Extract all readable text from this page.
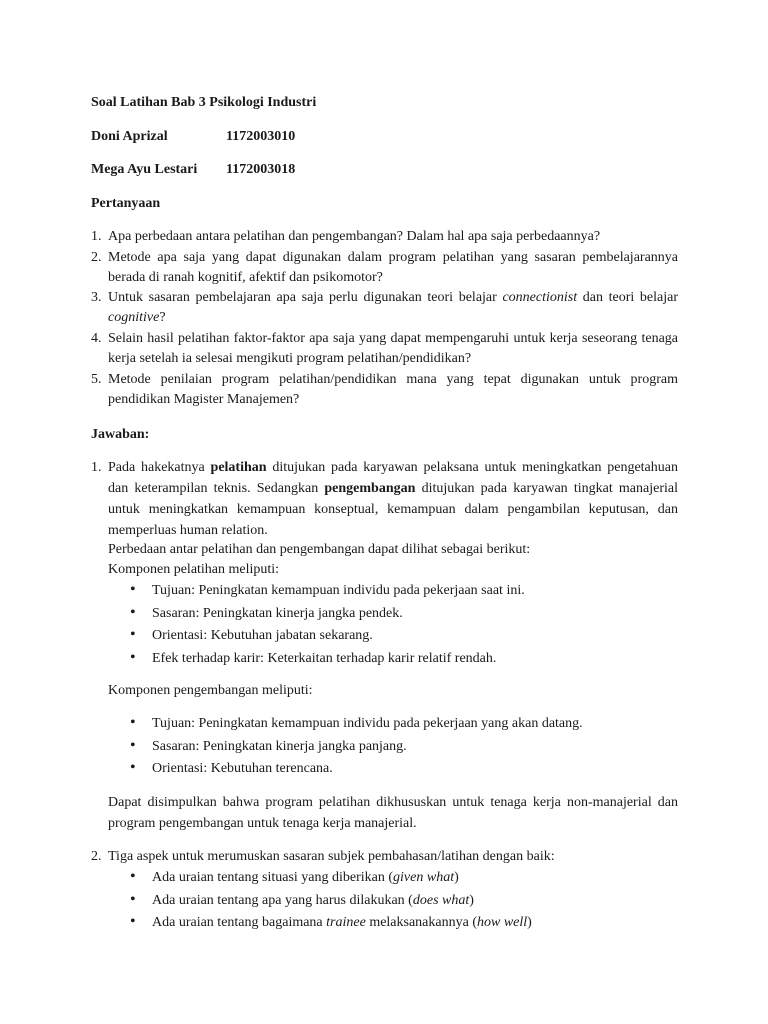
Soal Latihan Bab 3 Psikologi Industri
Doni Aprizal	1172003010
Mega Ayu Lestari 1172003018
Pertanyaan
1. Apa perbedaan antara pelatihan dan pengembangan? Dalam hal apa saja perbedaannya?
2. Metode apa saja yang dapat digunakan dalam program pelatihan yang sasaran pembelajarannya berada di ranah kognitif, afektif dan psikomotor?
3. Untuk sasaran pembelajaran apa saja perlu digunakan teori belajar connectionist dan teori belajar cognitive?
4. Selain hasil pelatihan faktor-faktor apa saja yang dapat mempengaruhi untuk kerja seseorang tenaga kerja setelah ia selesai mengikuti program pelatihan/pendidikan?
5. Metode penilaian program pelatihan/pendidikan mana yang tepat digunakan untuk program pendidikan Magister Manajemen?
Jawaban:
1. Pada hakekatnya pelatihan ditujukan pada karyawan pelaksana untuk meningkatkan pengetahuan dan keterampilan teknis. Sedangkan pengembangan ditujukan pada karyawan tingkat manajerial untuk meningkatkan kemampuan konseptual, kemampuan dalam pengambilan keputusan, dan memperluas human relation.
Perbedaan antar pelatihan dan pengembangan dapat dilihat sebagai berikut:
Komponen pelatihan meliputi:
• Tujuan: Peningkatan kemampuan individu pada pekerjaan saat ini.
• Sasaran: Peningkatan kinerja jangka pendek.
• Orientasi: Kebutuhan jabatan sekarang.
• Efek terhadap karir: Keterkaitan terhadap karir relatif rendah.
Komponen pengembangan meliputi:
• Tujuan: Peningkatan kemampuan individu pada pekerjaan yang akan datang.
• Sasaran: Peningkatan kinerja jangka panjang.
• Orientasi: Kebutuhan terencana.
Dapat disimpulkan bahwa program pelatihan dikhususkan untuk tenaga kerja non-manajerial dan program pengembangan untuk tenaga kerja manajerial.
2. Tiga aspek untuk merumuskan sasaran subjek pembahasan/latihan dengan baik:
• Ada uraian tentang situasi yang diberikan (given what)
• Ada uraian tentang apa yang harus dilakukan (does what)
• Ada uraian tentang bagaimana trainee melaksanakannya (how well)
